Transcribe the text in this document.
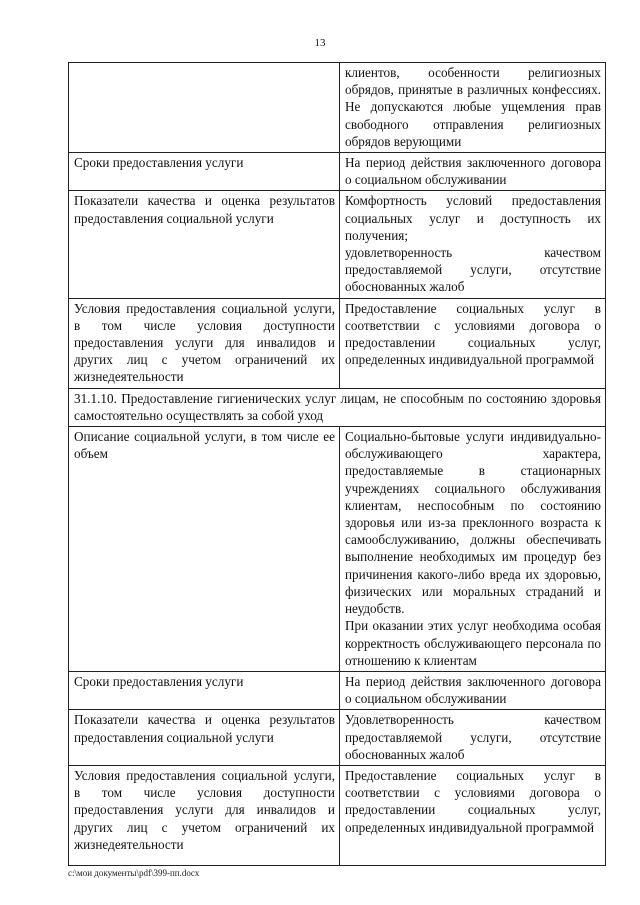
13

	клиентов, особенности религиозных обрядов, принятые в различных конфессиях. Не допускаются любые ущемления прав свободного отправления религиозных обрядов верующими

Сроки предоставления услуги	На период действия заключенного договора о социальном обслуживании

Показатели качества и оценка результатов предоставления социальной услуги	Комфортность условий предоставления социальных услуг и доступность их получения;
удовлетворенность качеством предоставляемой услуги, отсутствие обоснованных жалоб

Условия предоставления социальной услуги, в том числе условия доступности предоставления услуги для инвалидов и других лиц с учетом ограничений их жизнедеятельности	Предоставление социальных услуг в соответствии с условиями договора о предоставлении социальных услуг, определенных индивидуальной программой

31.1.10. Предоставление гигиенических услуг лицам, не способным по состоянию здоровья самостоятельно осуществлять за собой уход	
Описание социальной услуги, в том числе ее объем	Социально-бытовые услуги индивидуально-обслуживающего характера, предоставляемые в стационарных учреждениях социального обслуживания клиентам, неспособным по состоянию здоровья или из-за преклонного возраста к самообслуживанию, должны обеспечивать выполнение необходимых им процедур без причинения какого-либо вреда их здоровью, физических или моральных страданий и неудобств.
При оказании этих услуг необходима особая корректность обслуживающего персонала по отношению к клиентам

Сроки предоставления услуги	На период действия заключенного договора о социальном обслуживании

Показатели качества и оценка результатов предоставления социальной услуги	Удовлетворенность качеством предоставляемой услуги, отсутствие обоснованных жалоб

Условия предоставления социальной услуги, в том числе условия доступности предоставления услуги для инвалидов и других лиц с учетом ограничений их жизнедеятельности	Предоставление социальных услуг в соответствии с условиями договора о предоставлении социальных услуг, определенных индивидуальной программой
c:\мои документы\pdf\399-пп.docx
